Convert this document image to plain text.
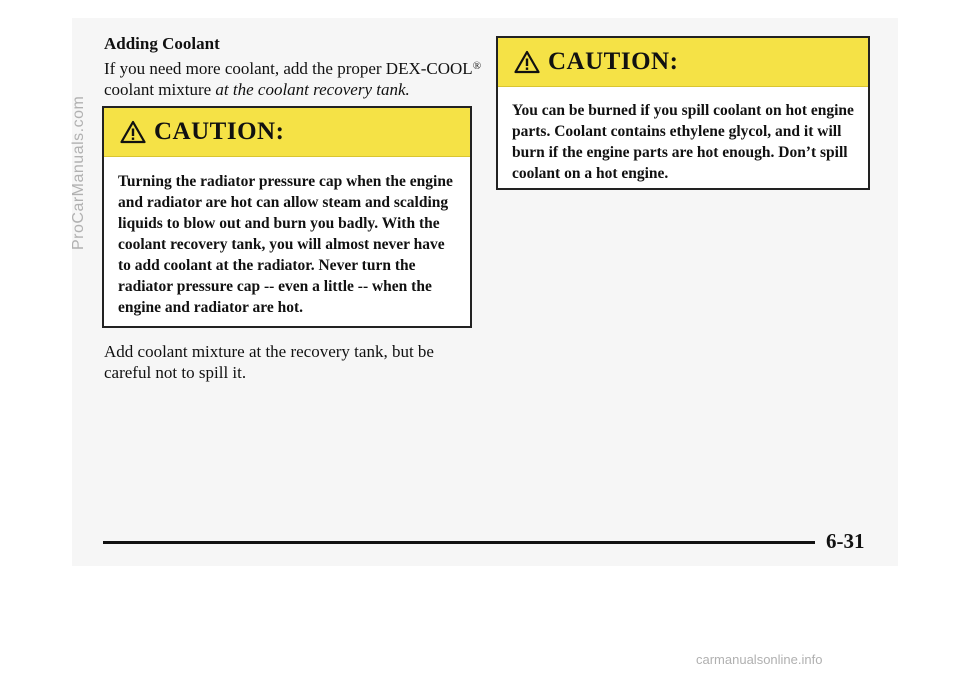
Adding Coolant

If you need more coolant, add the proper DEX-COOL®
coolant mixture at the coolant recovery tank.

CAUTION:

Turning the radiator pressure cap when the engine and radiator are hot can allow steam and scalding liquids to blow out and burn you badly. With the coolant recovery tank, you will almost never have to add coolant at the radiator. Never turn the radiator pressure cap -- even a little -- when the engine and radiator are hot.

CAUTION:

You can be burned if you spill coolant on hot engine parts. Coolant contains ethylene glycol, and it will burn if the engine parts are hot enough. Don’t spill coolant on a hot engine.

Add coolant mixture at the recovery tank, but be careful not to spill it.

6-31

ProCarManuals.com

carmanualsonline.info
